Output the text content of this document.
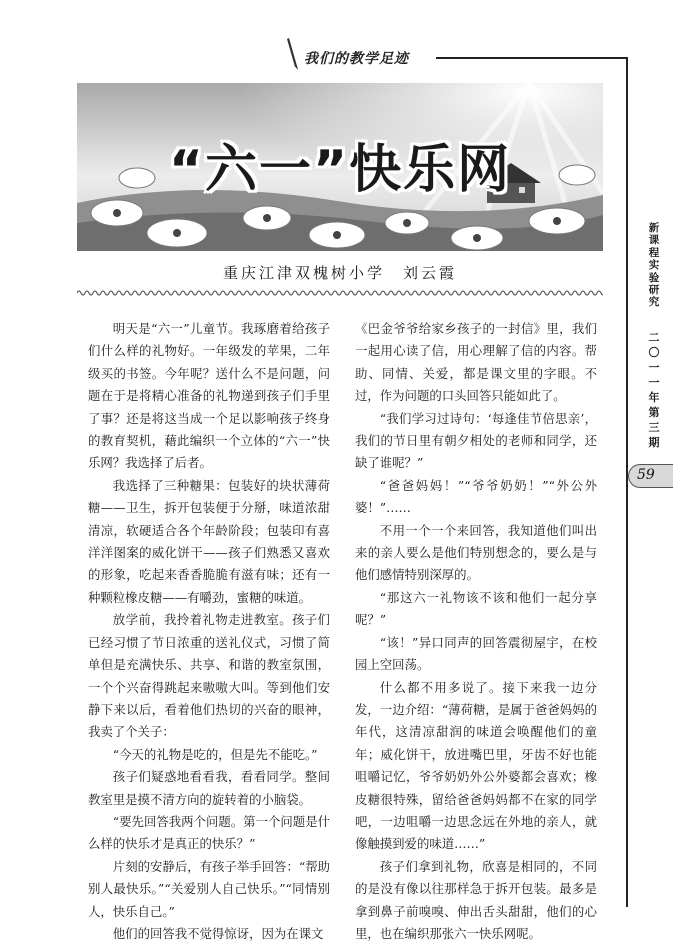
我们的教学足迹
“六一”快乐网
重庆江津双槐树小学　刘云霞

明天是“六一”儿童节。我琢磨着给孩子们什么样的礼物好。一年级发的苹果，二年级买的书签。今年呢？送什么不是问题，问题在于是将精心准备的礼物递到孩子们手里了事？还是将这当成一个足以影响孩子终身的教育契机，藉此编织一个立体的“六一”快乐网？我选择了后者。

我选择了三种糖果：包装好的块状薄荷糖——卫生，拆开包装便于分掰，味道浓甜清凉，软硬适合各个年龄阶段；包装印有喜洋洋图案的威化饼干——孩子们熟悉又喜欢的形象，吃起来香香脆脆有滋有味；还有一种颗粒橡皮糖——有嚼劲，蜜糖的味道。

放学前，我拎着礼物走进教室。孩子们已经习惯了节日浓重的送礼仪式，习惯了简单但是充满快乐、共享、和谐的教室氛围，一个个兴奋得跳起来嗷嗷大叫。等到他们安静下来以后，看着他们热切的兴奋的眼神，我卖了个关子：

“今天的礼物是吃的，但是先不能吃。”

孩子们疑惑地看看我，看看同学。整间教室里是摸不清方向的旋转着的小脑袋。

“要先回答我两个问题。第一个问题是什么样的快乐才是真正的快乐？”

片刻的安静后，有孩子举手回答：“帮助别人最快乐。”“关爱别人自己快乐。”“同情别人，快乐自己。”

他们的回答我不觉得惊讶，因为在课文

《巴金爷爷给家乡孩子的一封信》里，我们一起用心读了信，用心理解了信的内容。帮助、同情、关爱，都是课文里的字眼。不过，作为问题的口头回答只能如此了。

“我们学习过诗句：‘每逢佳节倍思亲’，我们的节日里有朝夕相处的老师和同学，还缺了谁呢？”

“爸爸妈妈！”“爷爷奶奶！”“外公外婆！”……

不用一个一个来回答，我知道他们叫出来的亲人要么是他们特别想念的，要么是与他们感情特别深厚的。

“那这六一礼物该不该和他们一起分享呢？”

“该！”异口同声的回答震彻屋宇，在校园上空回荡。

什么都不用多说了。接下来我一边分发，一边介绍：“薄荷糖，是属于爸爸妈妈的年代，这清凉甜润的味道会唤醒他们的童年；威化饼干，放进嘴巴里，牙齿不好也能咀嚼记忆，爷爷奶奶外公外婆都会喜欢；橡皮糖很特殊，留给爸爸妈妈都不在家的同学吧，一边咀嚼一边思念远在外地的亲人，就像触摸到爱的味道……”

孩子们拿到礼物，欣喜是相同的，不同的是没有像以往那样急于拆开包装。最多是拿到鼻子前嗅嗅、伸出舌头甜甜，他们的心里，也在编织那张六一快乐网呢。

新
课
程
实
验
研
究
二
〇
一
一
年
第
三
期
59
